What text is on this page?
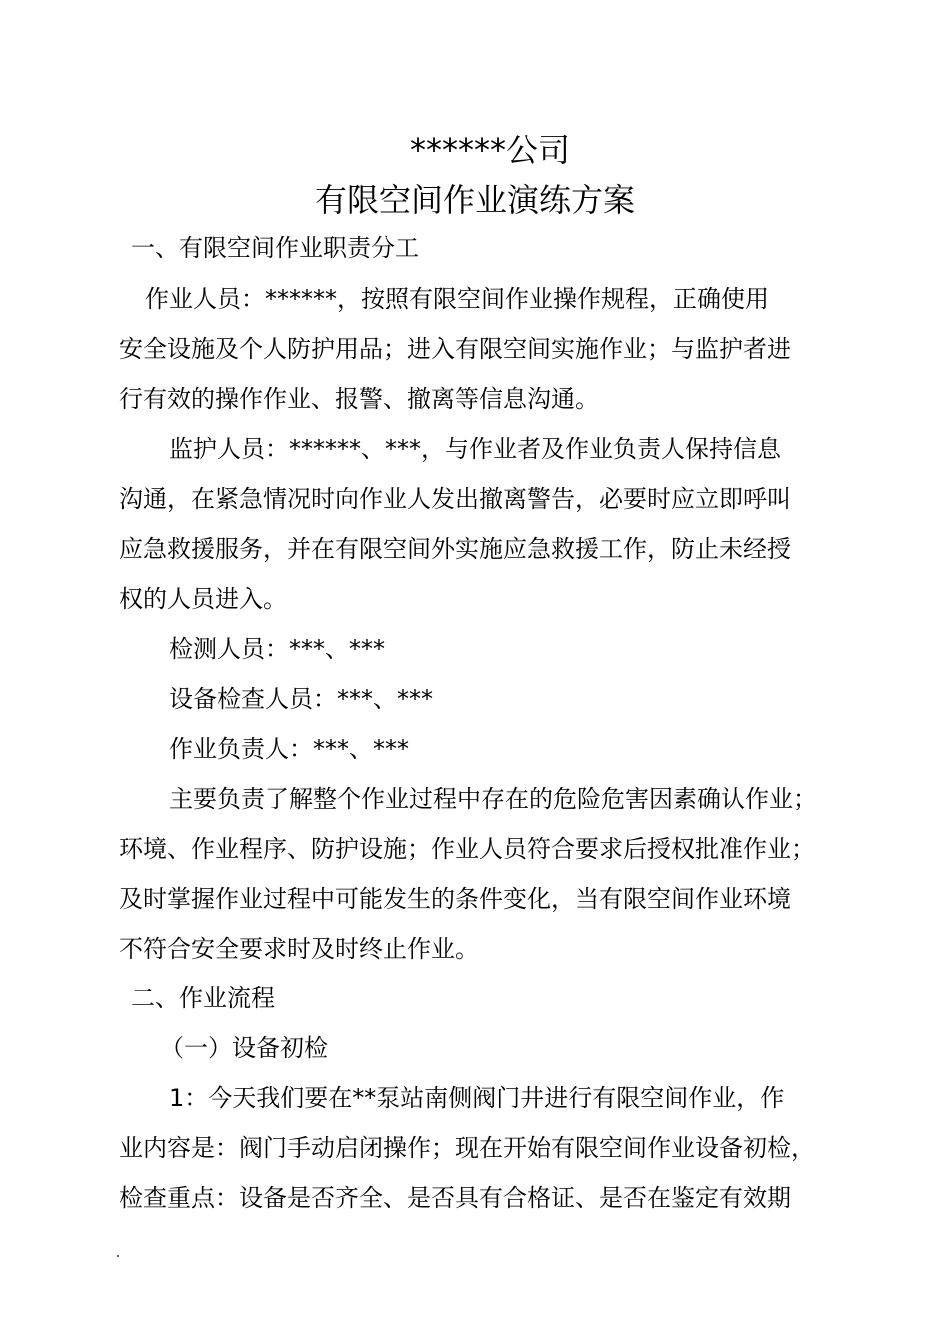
******公司
有限空间作业演练方案
一、有限空间作业职责分工
作业人员：******，按照有限空间作业操作规程，正确使用
安全设施及个人防护用品；进入有限空间实施作业；与监护者进
行有效的操作作业、报警、撤离等信息沟通。
监护人员：******、***，与作业者及作业负责人保持信息
沟通，在紧急情况时向作业人发出撤离警告，必要时应立即呼叫
应急救援服务，并在有限空间外实施应急救援工作，防止未经授
权的人员进入。
检测人员：***、***
设备检查人员：***、***
作业负责人：***、***
主要负责了解整个作业过程中存在的危险危害因素确认作业；
环境、作业程序、防护设施；作业人员符合要求后授权批准作业；
及时掌握作业过程中可能发生的条件变化，当有限空间作业环境
不符合安全要求时及时终止作业。
二、作业流程
（一）设备初检
1：今天我们要在**泵站南侧阀门井进行有限空间作业，作
业内容是：阀门手动启闭操作；现在开始有限空间作业设备初检，
检查重点：设备是否齐全、是否具有合格证、是否在鉴定有效期
